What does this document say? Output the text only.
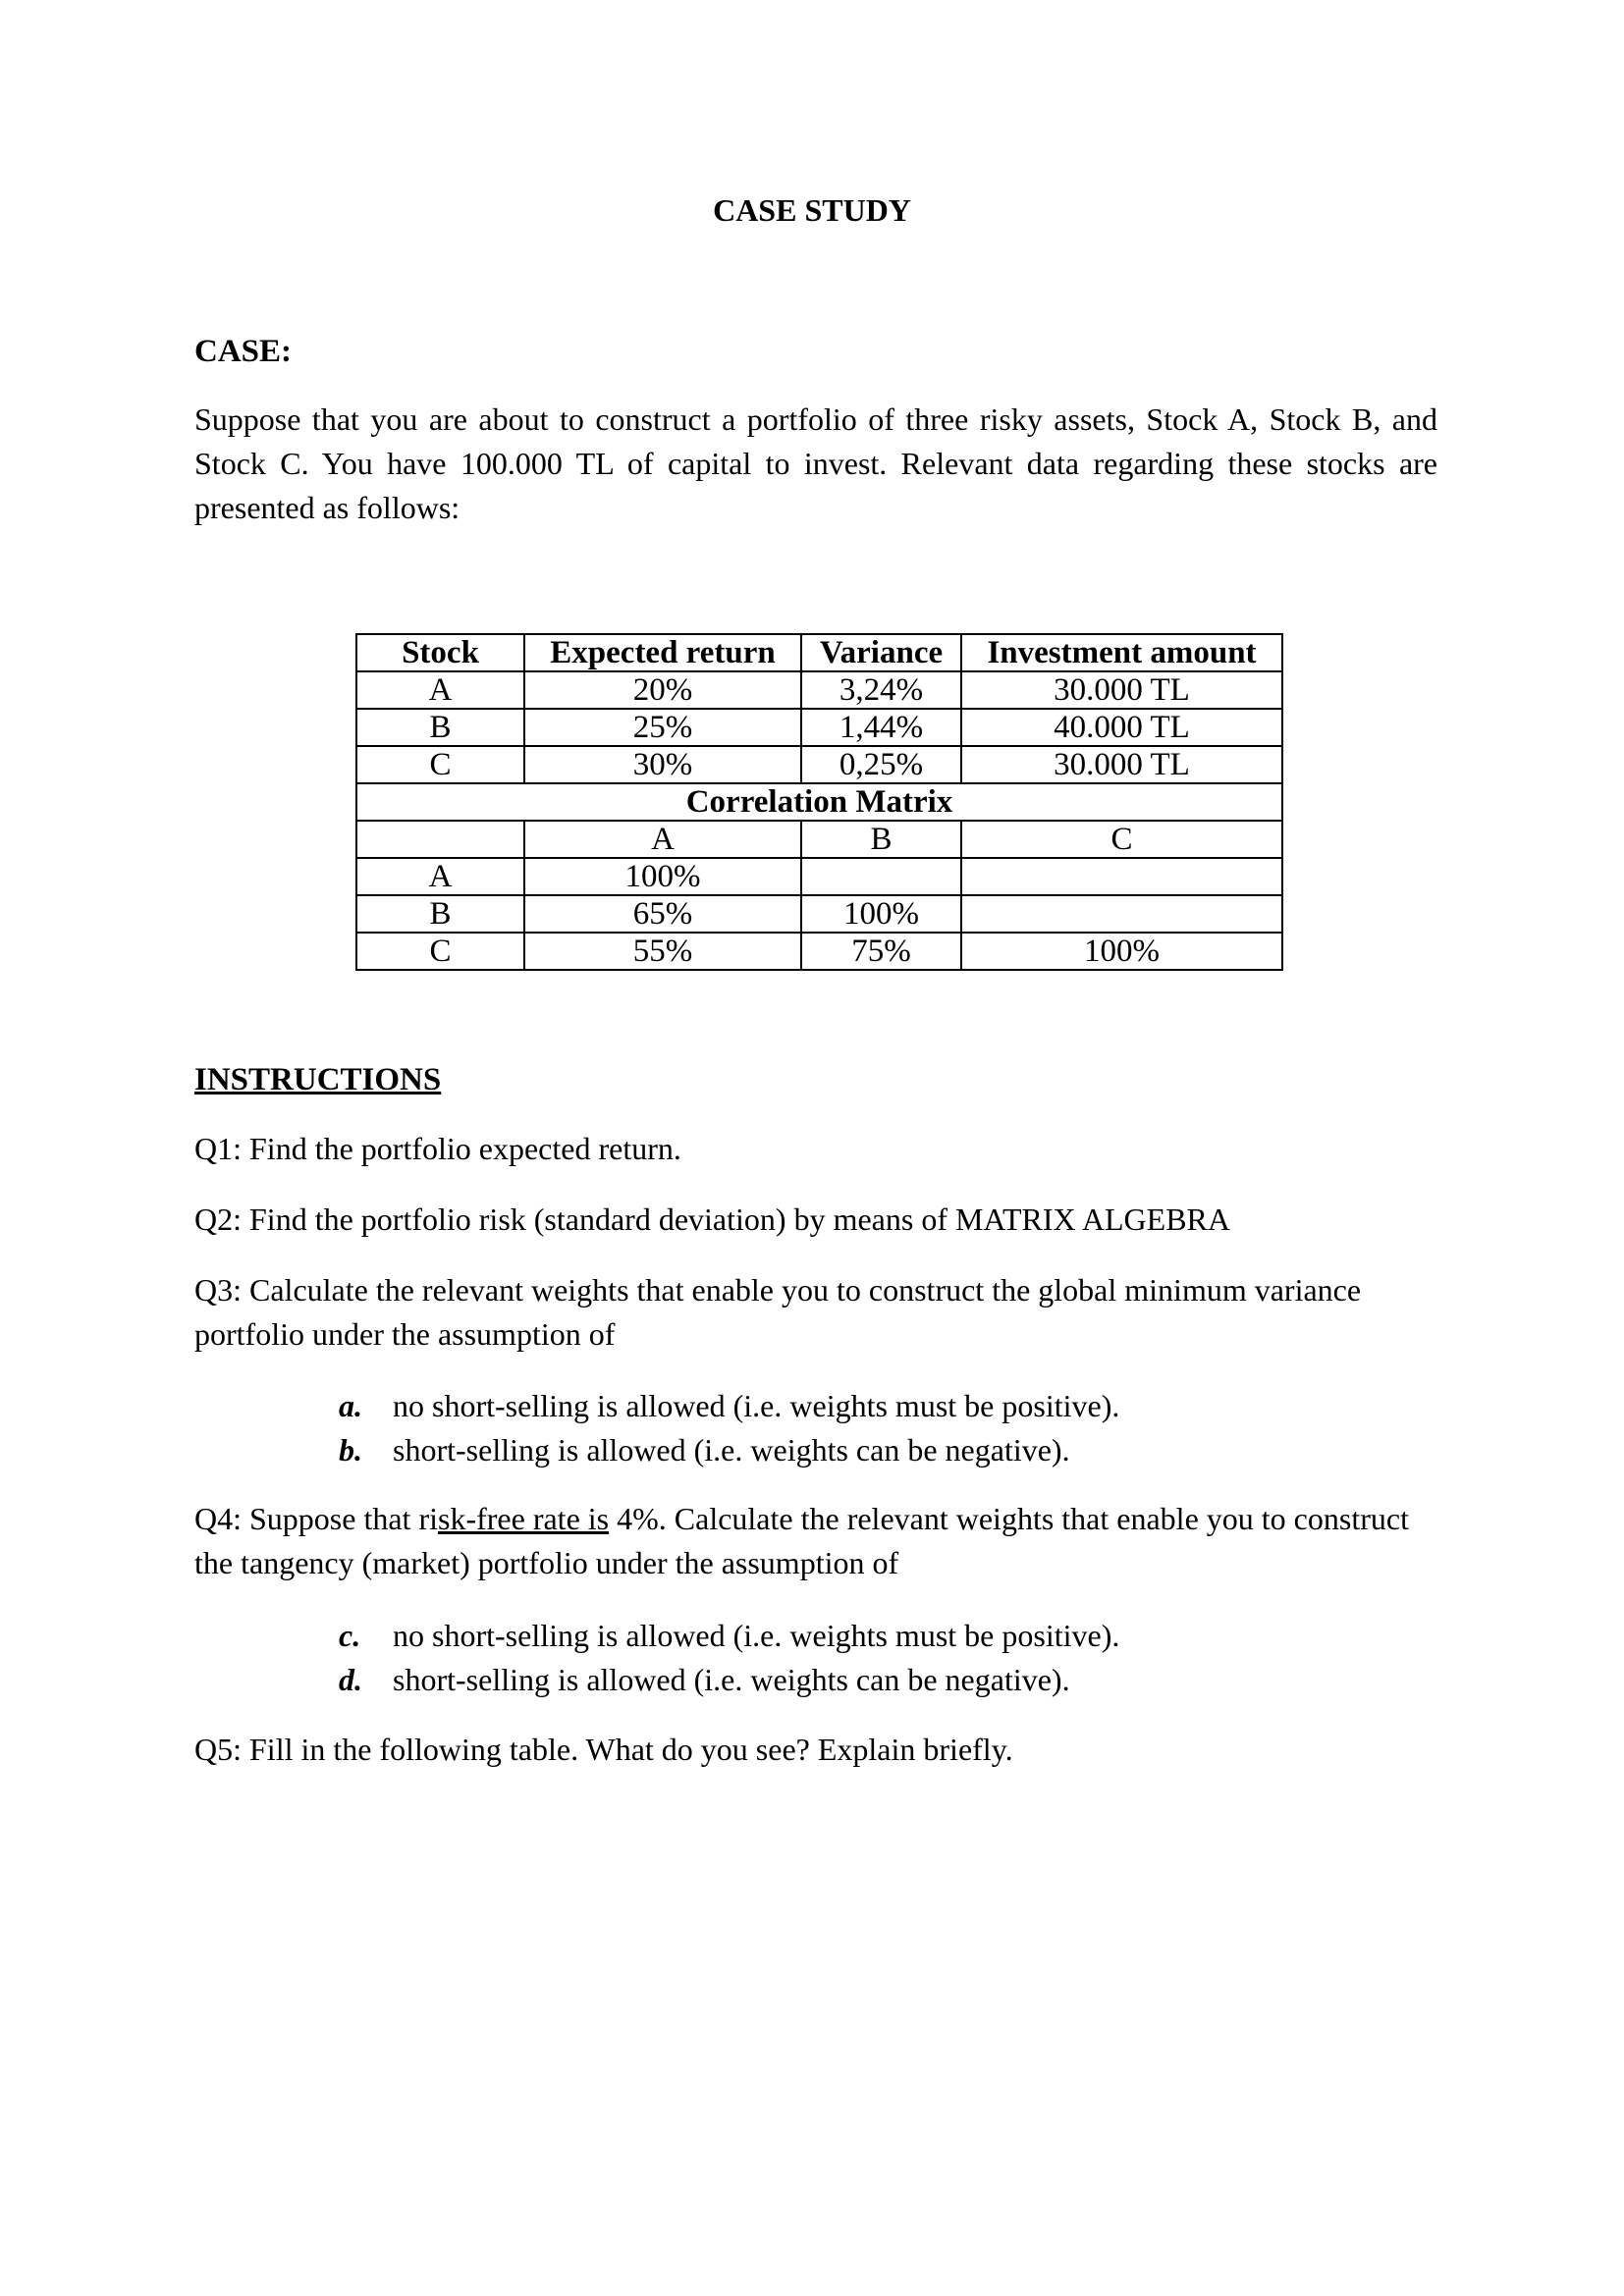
CASE STUDY
CASE:

Suppose that you are about to construct a portfolio of three risky assets, Stock A, Stock B, and Stock C. You have 100.000 TL of capital to invest. Relevant data regarding these stocks are presented as follows:

Stock	Expected return	Variance	Investment amount
A	20%	3,24%	30.000 TL
B	25%	1,44%	40.000 TL
C	30%	0,25%	30.000 TL
Correlation Matrix			
	A	B	C
A	100%		
B	65%	100%	
C	55%	75%	100%
INSTRUCTIONS

Q1: Find the portfolio expected return.

Q2: Find the portfolio risk (standard deviation) by means of MATRIX ALGEBRA

Q3: Calculate the relevant weights that enable you to construct the global minimum variance portfolio under the assumption of

a. no short-selling is allowed (i.e. weights must be positive).
b. short-selling is allowed (i.e. weights can be negative).

Q4: Suppose that risk-free rate is 4%. Calculate the relevant weights that enable you to construct the tangency (market) portfolio under the assumption of

c. no short-selling is allowed (i.e. weights must be positive).
d. short-selling is allowed (i.e. weights can be negative).

Q5: Fill in the following table. What do you see? Explain briefly.
